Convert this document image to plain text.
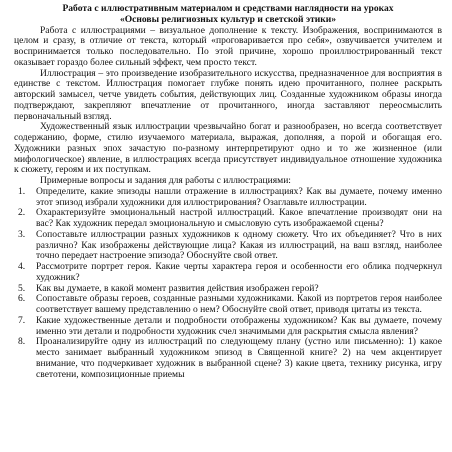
Работа с иллюстративным материалом и средствами наглядности на уроках
«Основы религиозных культур и светской этики»

Работа с иллюстрациями – визуальное дополнение к тексту. Изображения, воспринимаются в целом и сразу, в отличие от текста, который «проговаривается про себя», озвучивается учителем и воспринимается только последовательно. По этой причине, хорошо проиллюстрированный текст оказывает гораздо более сильный эффект, чем просто текст.

Иллюстрация – это произведение изобразительного искусства, предназначенное для восприятия в единстве с текстом. Иллюстрация помогает глубже понять идею прочитанного, полнее раскрыть авторский замысел, четче увидеть события, действующих лиц. Созданные художником образы иногда подтверждают, закрепляют впечатление от прочитанного, иногда заставляют переосмыслить первоначальный взгляд.

Художественный язык иллюстрации чрезвычайно богат и разнообразен, но всегда соответствует содержанию, форме, стилю изучаемого материала, выражая, дополняя, а порой и обогащая его. Художники разных эпох зачастую по-разному интерпретируют одно и то же жизненное (или мифологическое) явление, в иллюстрациях всегда присутствует индивидуальное отношение художника к сюжету, героям и их поступкам.

Примерные вопросы и задания для работы с иллюстрациями:

Определите, какие эпизоды нашли отражение в иллюстрациях? Как вы думаете, почему именно этот эпизод избрали художники для иллюстрирования? Озаглавьте иллюстрации.
Охарактеризуйте эмоциональный настрой иллюстраций. Какое впечатление производят они на вас? Как художник передал эмоциональную и смысловую суть изображаемой сцены?
Сопоставьте иллюстрации разных художников к одному сюжету. Что их объединяет? Что в них различно? Как изображены действующие лица? Какая из иллюстраций, на ваш взгляд, наиболее точно передает настроение эпизода? Обоснуйте свой ответ.
Рассмотрите портрет героя. Какие черты характера героя и особенности его облика подчеркнул художник?
Как вы думаете, в какой момент развития действия изображен герой?
Сопоставьте образы героев, созданные разными художниками. Какой из портретов героя наиболее соответствует вашему представлению о нем? Обоснуйте свой ответ, приводя цитаты из текста.
Какие художественные детали и подробности отображены художником? Как вы думаете, почему именно эти детали и подробности художник счел значимыми для раскрытия смысла явления?
Проанализируйте одну из иллюстраций по следующему плану (устно или письменно): 1) какое место занимает выбранный художником эпизод в Священной книге? 2) на чем акцентирует внимание, что подчеркивает художник в выбранной сцене? 3) какие цвета, технику рисунка, игру светотени, композиционные приемы
